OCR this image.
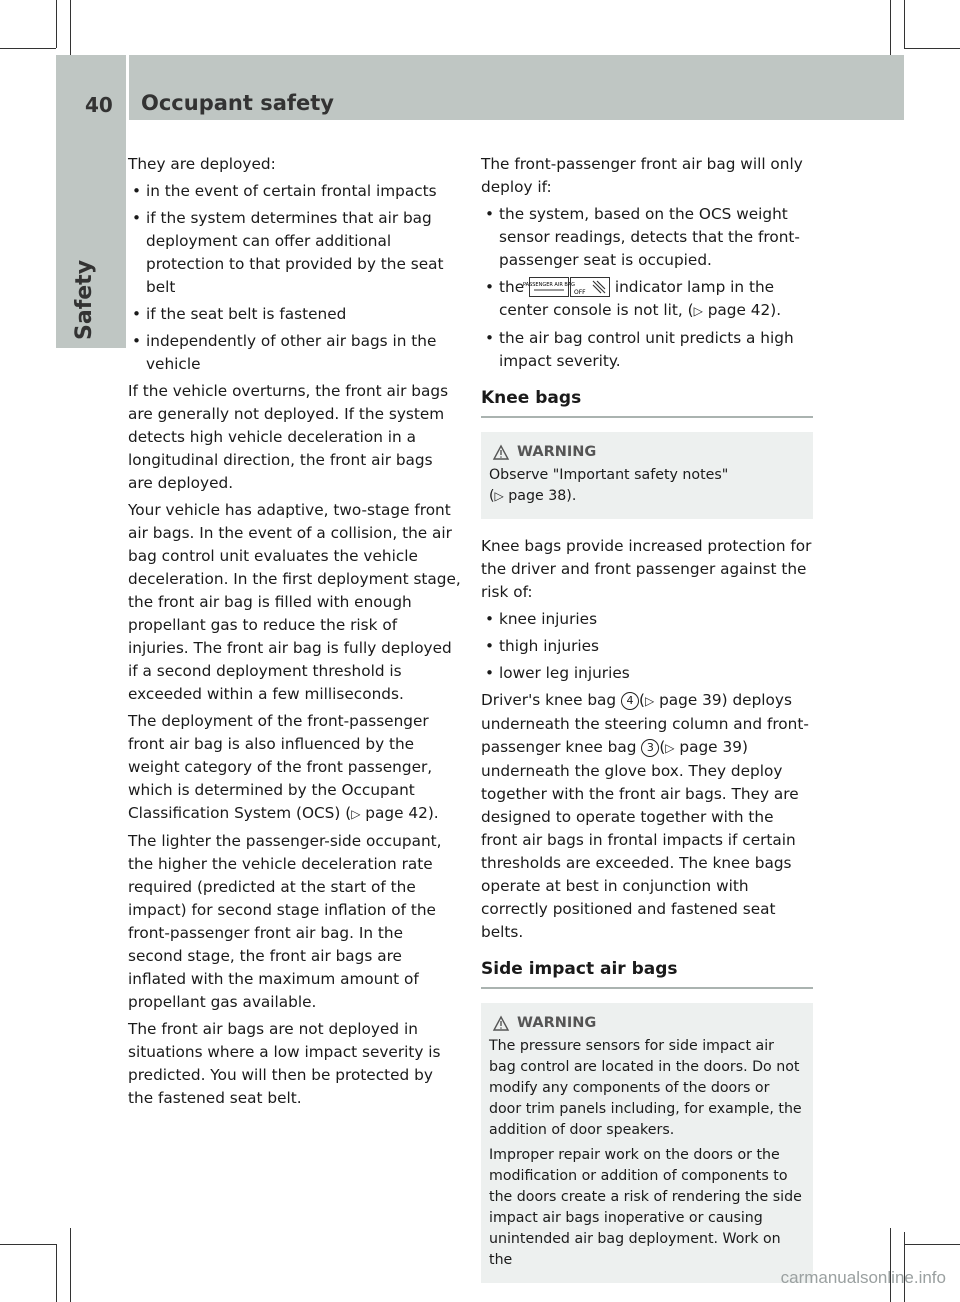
40 Occupant safety
Safety

They are deployed:

• in the event of certain frontal impacts
• if the system determines that air bag deployment can offer additional protection to that provided by the seat belt
• if the seat belt is fastened
• independently of other air bags in the vehicle

If the vehicle overturns, the front air bags are generally not deployed. If the system detects high vehicle deceleration in a longitudinal direction, the front air bags are deployed.

Your vehicle has adaptive, two-stage front air bags. In the event of a collision, the air bag control unit evaluates the vehicle deceleration. In the first deployment stage, the front air bag is filled with enough propellant gas to reduce the risk of injuries. The front air bag is fully deployed if a second deployment threshold is exceeded within a few milliseconds.

The deployment of the front-passenger front air bag is also influenced by the weight category of the front passenger, which is determined by the Occupant Classification System (OCS) (▷ page 42).

The lighter the passenger-side occupant, the higher the vehicle deceleration rate required (predicted at the start of the impact) for second stage inflation of the front-passenger front air bag. In the second stage, the front air bags are inflated with the maximum amount of propellant gas available.

The front air bags are not deployed in situations where a low impact severity is predicted. You will then be protected by the fastened seat belt.

The front-passenger front air bag will only deploy if:

• the system, based on the OCS weight sensor readings, detects that the front-passenger seat is occupied.
• the
PASSENGER AIR BAG
OFF indicator lamp in the center console is not lit, (▷ page 42).
• the air bag control unit predicts a high impact severity.
Knee bags
WARNING

Observe "Important safety notes"
(▷ page 38).

Knee bags provide increased protection for the driver and front passenger against the risk of:

• knee injuries
• thigh injuries
• lower leg injuries

Driver's knee bag 4 (▷ page 39) deploys underneath the steering column and front-passenger knee bag 3 (▷ page 39) underneath the glove box. They deploy together with the front air bags. They are designed to operate together with the front air bags in frontal impacts if certain thresholds are exceeded. The knee bags operate at best in conjunction with correctly positioned and fastened seat belts.

Side impact air bags
WARNING

The pressure sensors for side impact air bag control are located in the doors. Do not modify any components of the doors or door trim panels including, for example, the addition of door speakers.

Improper repair work on the doors or the modification or addition of components to the doors create a risk of rendering the side impact air bags inoperative or causing unintended air bag deployment. Work on the

carmanualsonline.info
